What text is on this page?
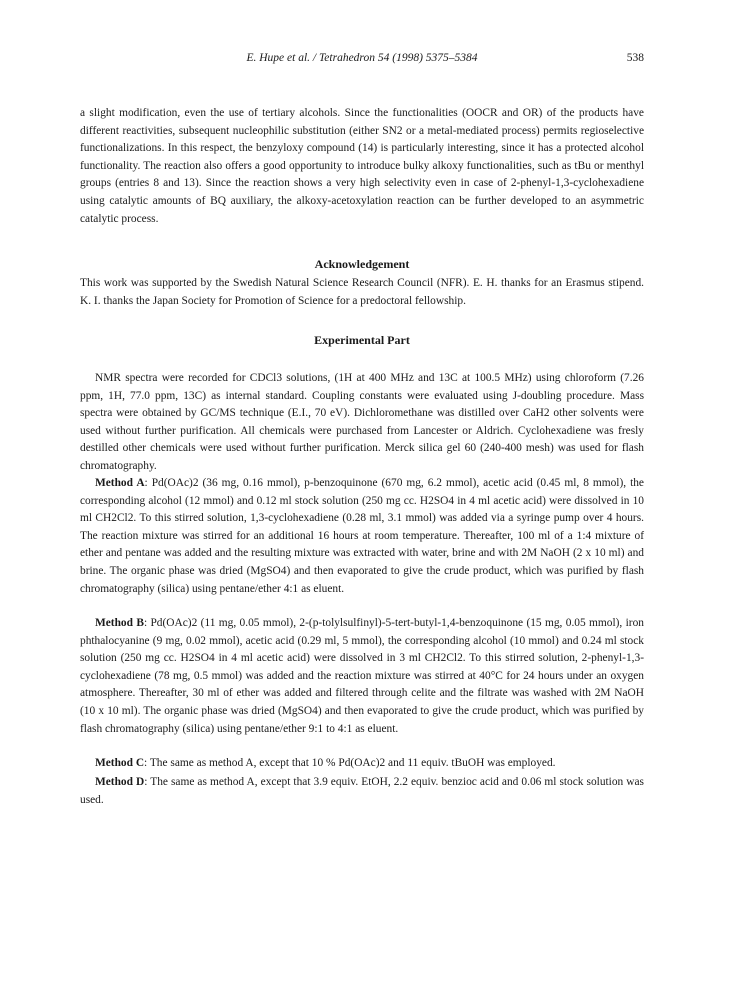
E. Hupe et al. / Tetrahedron 54 (1998) 5375–5384	538

a slight modification, even the use of tertiary alcohols. Since the functionalities (OOCR and OR) of the products have different reactivities, subsequent nucleophilic substitution (either SN2 or a metal-mediated process) permits regioselective functionalizations. In this respect, the benzyloxy compound (14) is particularly interesting, since it has a protected alcohol functionality. The reaction also offers a good opportunity to introduce bulky alkoxy functionalities, such as tBu or menthyl groups (entries 8 and 13). Since the reaction shows a very high selectivity even in case of 2-phenyl-1,3-cyclohexadiene using catalytic amounts of BQ auxiliary, the alkoxy-acetoxylation reaction can be further developed to an asymmetric catalytic process.

Acknowledgement

This work was supported by the Swedish Natural Science Research Council (NFR). E. H. thanks for an Erasmus stipend. K. I. thanks the Japan Society for Promotion of Science for a predoctoral fellowship.

Experimental Part

NMR spectra were recorded for CDCl3 solutions, (1H at 400 MHz and 13C at 100.5 MHz) using chloroform (7.26 ppm, 1H, 77.0 ppm, 13C) as internal standard. Coupling constants were evaluated using J-doubling procedure. Mass spectra were obtained by GC/MS technique (E.I., 70 eV). Dichloromethane was distilled over CaH2 other solvents were used without further purification. All chemicals were purchased from Lancester or Aldrich. Cyclohexadiene was fresly destilled other chemicals were used without further purification. Merck silica gel 60 (240-400 mesh) was used for flash chromatography.

Method A: Pd(OAc)2 (36 mg, 0.16 mmol), p-benzoquinone (670 mg, 6.2 mmol), acetic acid (0.45 ml, 8 mmol), the corresponding alcohol (12 mmol) and 0.12 ml stock solution (250 mg cc. H2SO4 in 4 ml acetic acid) were dissolved in 10 ml CH2Cl2. To this stirred solution, 1,3-cyclohexadiene (0.28 ml, 3.1 mmol) was added via a syringe pump over 4 hours. The reaction mixture was stirred for an additional 16 hours at room temperature. Thereafter, 100 ml of a 1:4 mixture of ether and pentane was added and the resulting mixture was extracted with water, brine and with 2M NaOH (2 x 10 ml) and brine. The organic phase was dried (MgSO4) and then evaporated to give the crude product, which was purified by flash chromatography (silica) using pentane/ether 4:1 as eluent.

Method B: Pd(OAc)2 (11 mg, 0.05 mmol), 2-(p-tolylsulfinyl)-5-tert-butyl-1,4-benzoquinone (15 mg, 0.05 mmol), iron phthalocyanine (9 mg, 0.02 mmol), acetic acid (0.29 ml, 5 mmol), the corresponding alcohol (10 mmol) and 0.24 ml stock solution (250 mg cc. H2SO4 in 4 ml acetic acid) were dissolved in 3 ml CH2Cl2. To this stirred solution, 2-phenyl-1,3-cyclohexadiene (78 mg, 0.5 mmol) was added and the reaction mixture was stirred at 40°C for 24 hours under an oxygen atmosphere. Thereafter, 30 ml of ether was added and filtered through celite and the filtrate was washed with 2M NaOH (10 x 10 ml). The organic phase was dried (MgSO4) and then evaporated to give the crude product, which was purified by flash chromatography (silica) using pentane/ether 9:1 to 4:1 as eluent.

Method C: The same as method A, except that 10 % Pd(OAc)2 and 11 equiv. tBuOH was employed.

Method D: The same as method A, except that 3.9 equiv. EtOH, 2.2 equiv. benzioc acid and 0.06 ml stock solution was used.
